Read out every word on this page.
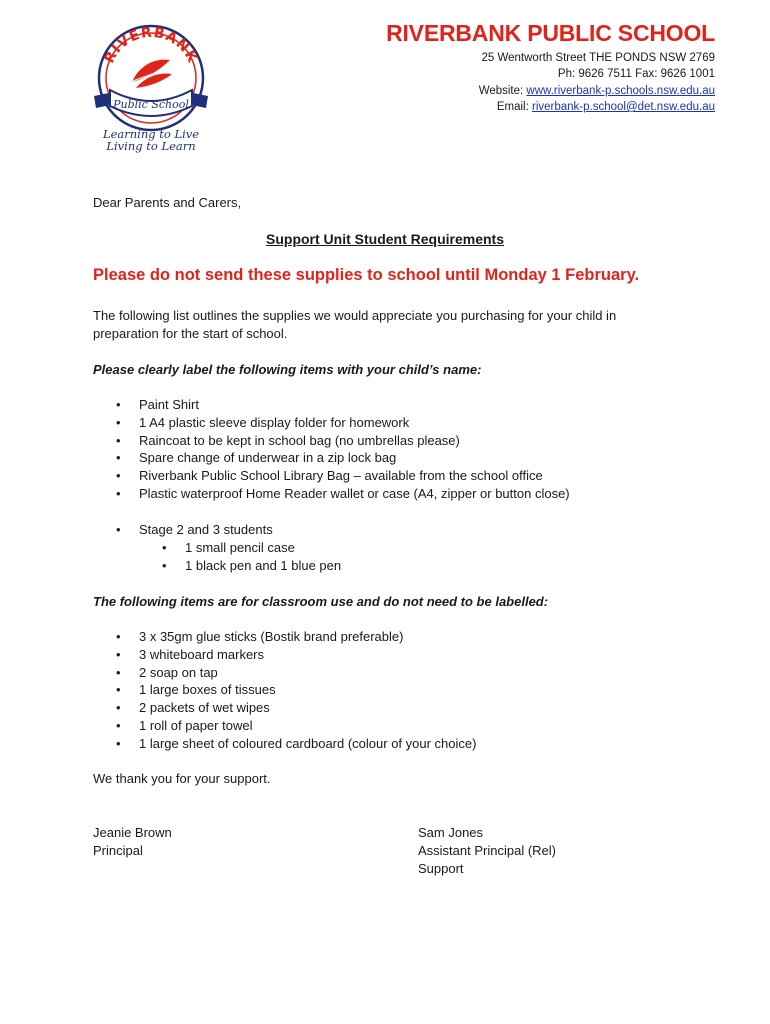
RIVERBANK
Public School
Learning to Live
Living to Learn
RIVERBANK PUBLIC SCHOOL
25 Wentworth Street THE PONDS NSW 2769
Ph: 9626 7511 Fax: 9626 1001
Website: www.riverbank-p.schools.nsw.edu.au
Email: riverbank-p.school@det.nsw.edu.au
Dear Parents and Carers,
Support Unit Student Requirements
Please do not send these supplies to school until Monday 1 February.
The following list outlines the supplies we would appreciate you purchasing for your child in
preparation for the start of school.
Please clearly label the following items with your child’s name:
• Paint Shirt
• 1 A4 plastic sleeve display folder for homework
• Raincoat to be kept in school bag (no umbrellas please)
• Spare change of underwear in a zip lock bag
• Riverbank Public School Library Bag – available from the school office
• Plastic waterproof Home Reader wallet or case (A4, zipper or button close)
• Stage 2 and 3 students
• 1 small pencil case
• 1 black pen and 1 blue pen
The following items are for classroom use and do not need to be labelled:
• 3 x 35gm glue sticks (Bostik brand preferable)
• 3 whiteboard markers
• 2 soap on tap
• 1 large boxes of tissues
• 2 packets of wet wipes
• 1 roll of paper towel
• 1 large sheet of coloured cardboard (colour of your choice)
We thank you for your support.
Jeanie Brown
Principal
Sam Jones
Assistant Principal (Rel)
Support
